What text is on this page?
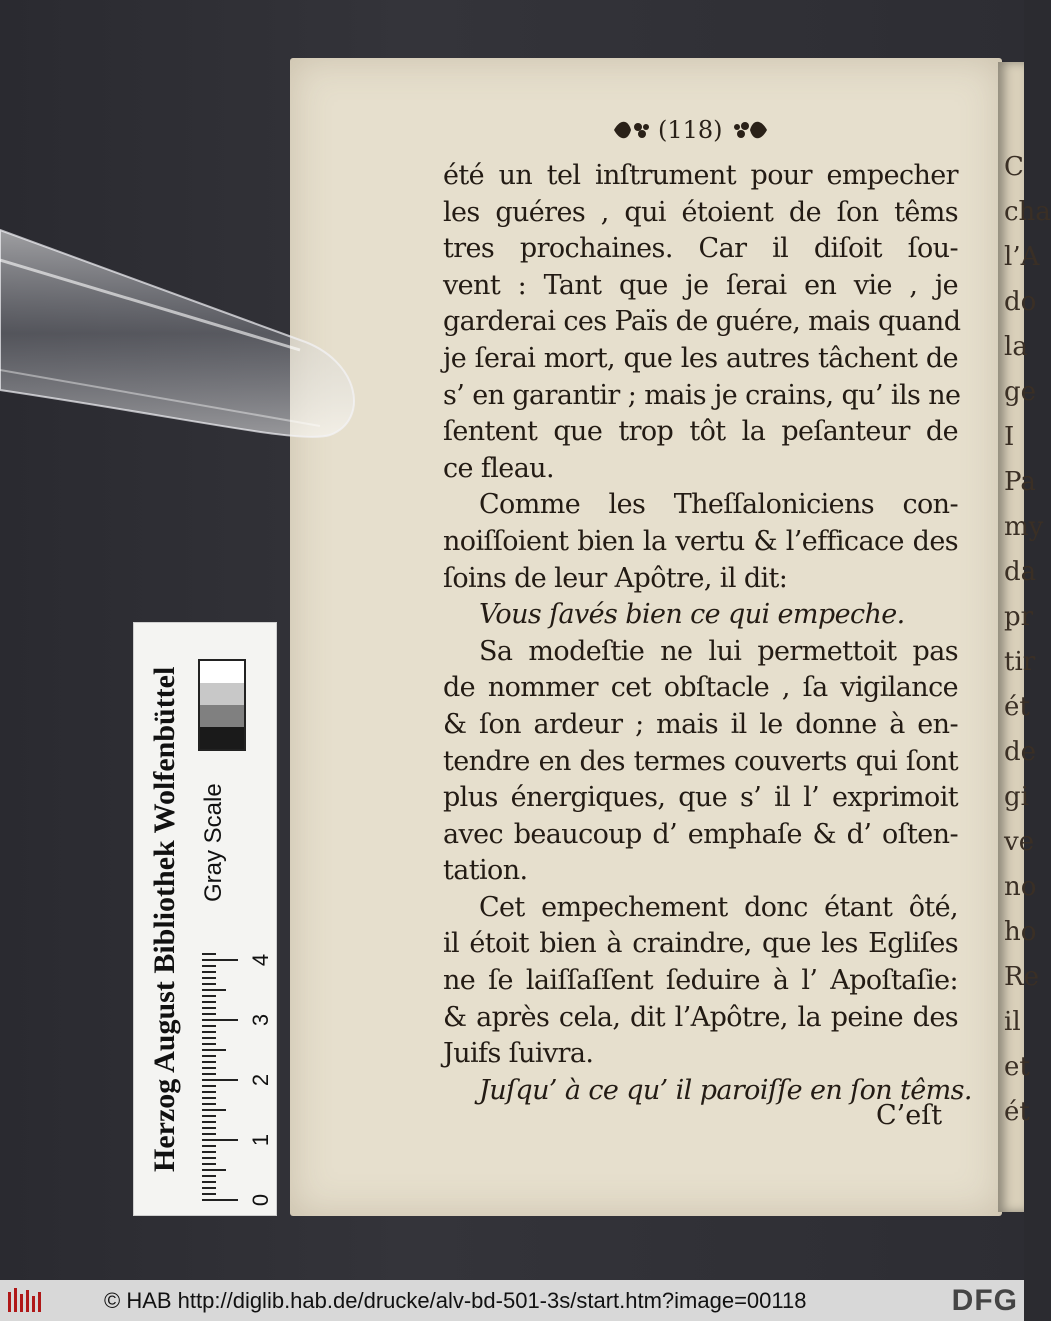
C
cha
l’A
do
la
ge
I
Pa
my
da
pr
tir
ét
de
gi
ve
no
ho
Re
il
et
ét
(118)
été un tel inſtrument pour empecher
les guéres , qui étoient de ſon têms
tres prochaines. Car il diſoit ſou-
vent : Tant que je ſerai en vie , je
garderai ces Païs de guére, mais quand
je ſerai mort, que les autres tâchent de
s’ en garantir ; mais je crains, qu’ ils ne
ſentent que trop tôt la peſanteur de
ce fleau.
Comme les Theſſaloniciens con-
noiſſoient bien la vertu & l’efficace des
ſoins de leur Apôtre, il dit:
Vous ſavés bien ce qui empeche.
Sa modeſtie ne lui permettoit pas
de nommer cet obſtacle , ſa vigilance
& ſon ardeur ; mais il le donne à en-
tendre en des termes couverts qui ſont
plus énergiques, que s’ il l’ exprimoit
avec beaucoup d’ emphaſe & d’ oſten-
tation.
Cet empechement donc étant ôté,
il étoit bien à craindre, que les Egliſes
ne ſe laiſſaſſent ſeduire à l’ Apoſtaſie:
& après cela, dit l’Apôtre, la peine des
Juifs ſuivra.
Juſqu’ à ce qu’ il paroiſſe en ſon têms.
C’eſt
Herzog August Bibliothek Wolfenbüttel Gray Scale
0
1
2
3
4
© HAB http://diglib.hab.de/drucke/alv-bd-501-3s/start.htm?image=00118	DFG
